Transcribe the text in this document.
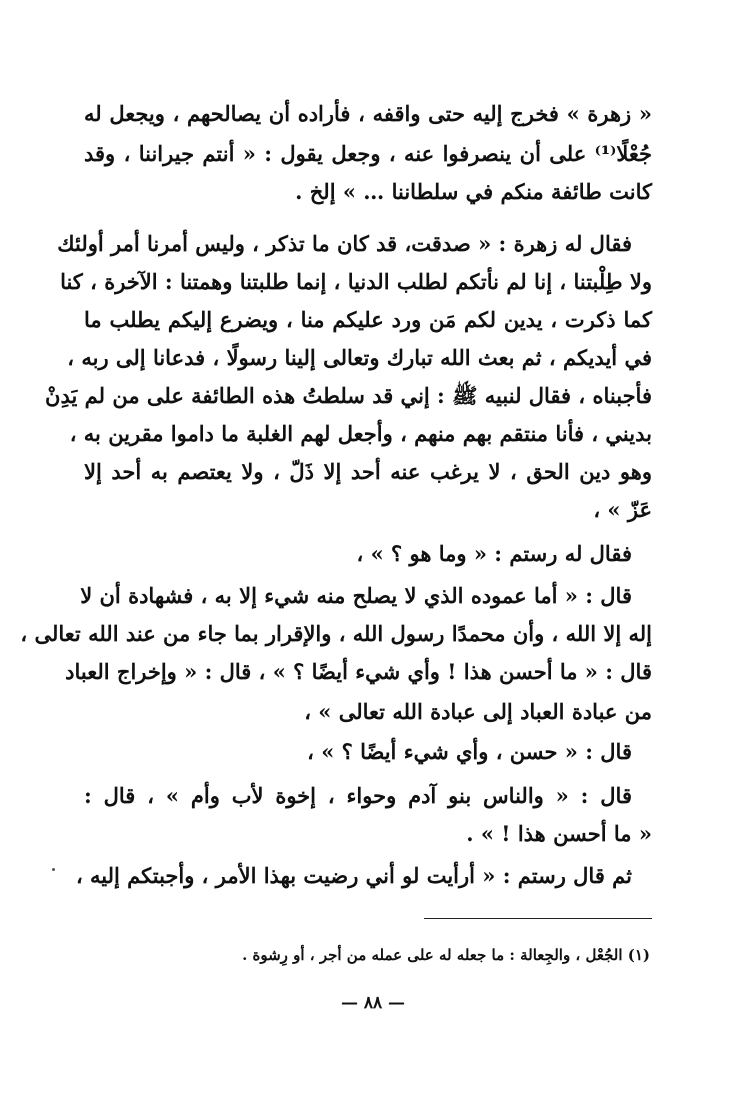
« زهرة » فخرج إليه حتى واقفه ، فأراده أن يصالحهم ، ويجعل له
جُعْلًا⁽¹⁾ على أن ينصرفوا عنه ، وجعل يقول : « أنتم جيراننا ، وقد
كانت طائفة منكم في سلطاننا … » إلخ .
فقال له زهرة : « صدقت، قد كان ما تذكر ، وليس أمرنا أمر أولئك
ولا طِلْبتنا ، إنا لم نأتكم لطلب الدنيا ، إنما طلبتنا وهمتنا : الآخرة ، كنا
كما ذكرت ، يدين لكم مَن ورد عليكم منا ، ويضرع إليكم يطلب ما
في أيديكم ، ثم بعث الله تبارك وتعالى إلينا رسولًا ، فدعانا إلى ربه ،
فأجبناه ، فقال لنبيه ﷺ : إني قد سلطتُ هذه الطائفة على من لم يَدِنْ
بديني ، فأنا منتقم بهم منهم ، وأجعل لهم الغلبة ما داموا مقرين به ،
وهو دين الحق ، لا يرغب عنه أحد إلا ذَلّ ، ولا يعتصم به أحد إلا
عَزّ » ،
فقال له رستم : « وما هو ؟ » ،
قال : « أما عموده الذي لا يصلح منه شيء إلا به ، فشهادة أن لا
إله إلا الله ، وأن محمدًا رسول الله ، والإقرار بما جاء من عند الله تعالى ،
قال : « ما أحسن هذا ! وأي شيء أيضًا ؟ » ، قال : « وإخراج العباد
من عبادة العباد إلى عبادة الله تعالى » ،
قال : « حسن ، وأي شيء أيضًا ؟ » ،
قال : « والناس بنو آدم وحواء ، إخوة لأب وأم » ، قال :
« ما أحسن هذا ! » .
ثم قال رستم : « أرأيت لو أني رضيت بهذا الأمر ، وأجبتكم إليه ،
(١) الجُعْل ، والجِعالة : ما جعله له على عمله من أجر ، أو رِشوة .
— ٨٨ —
